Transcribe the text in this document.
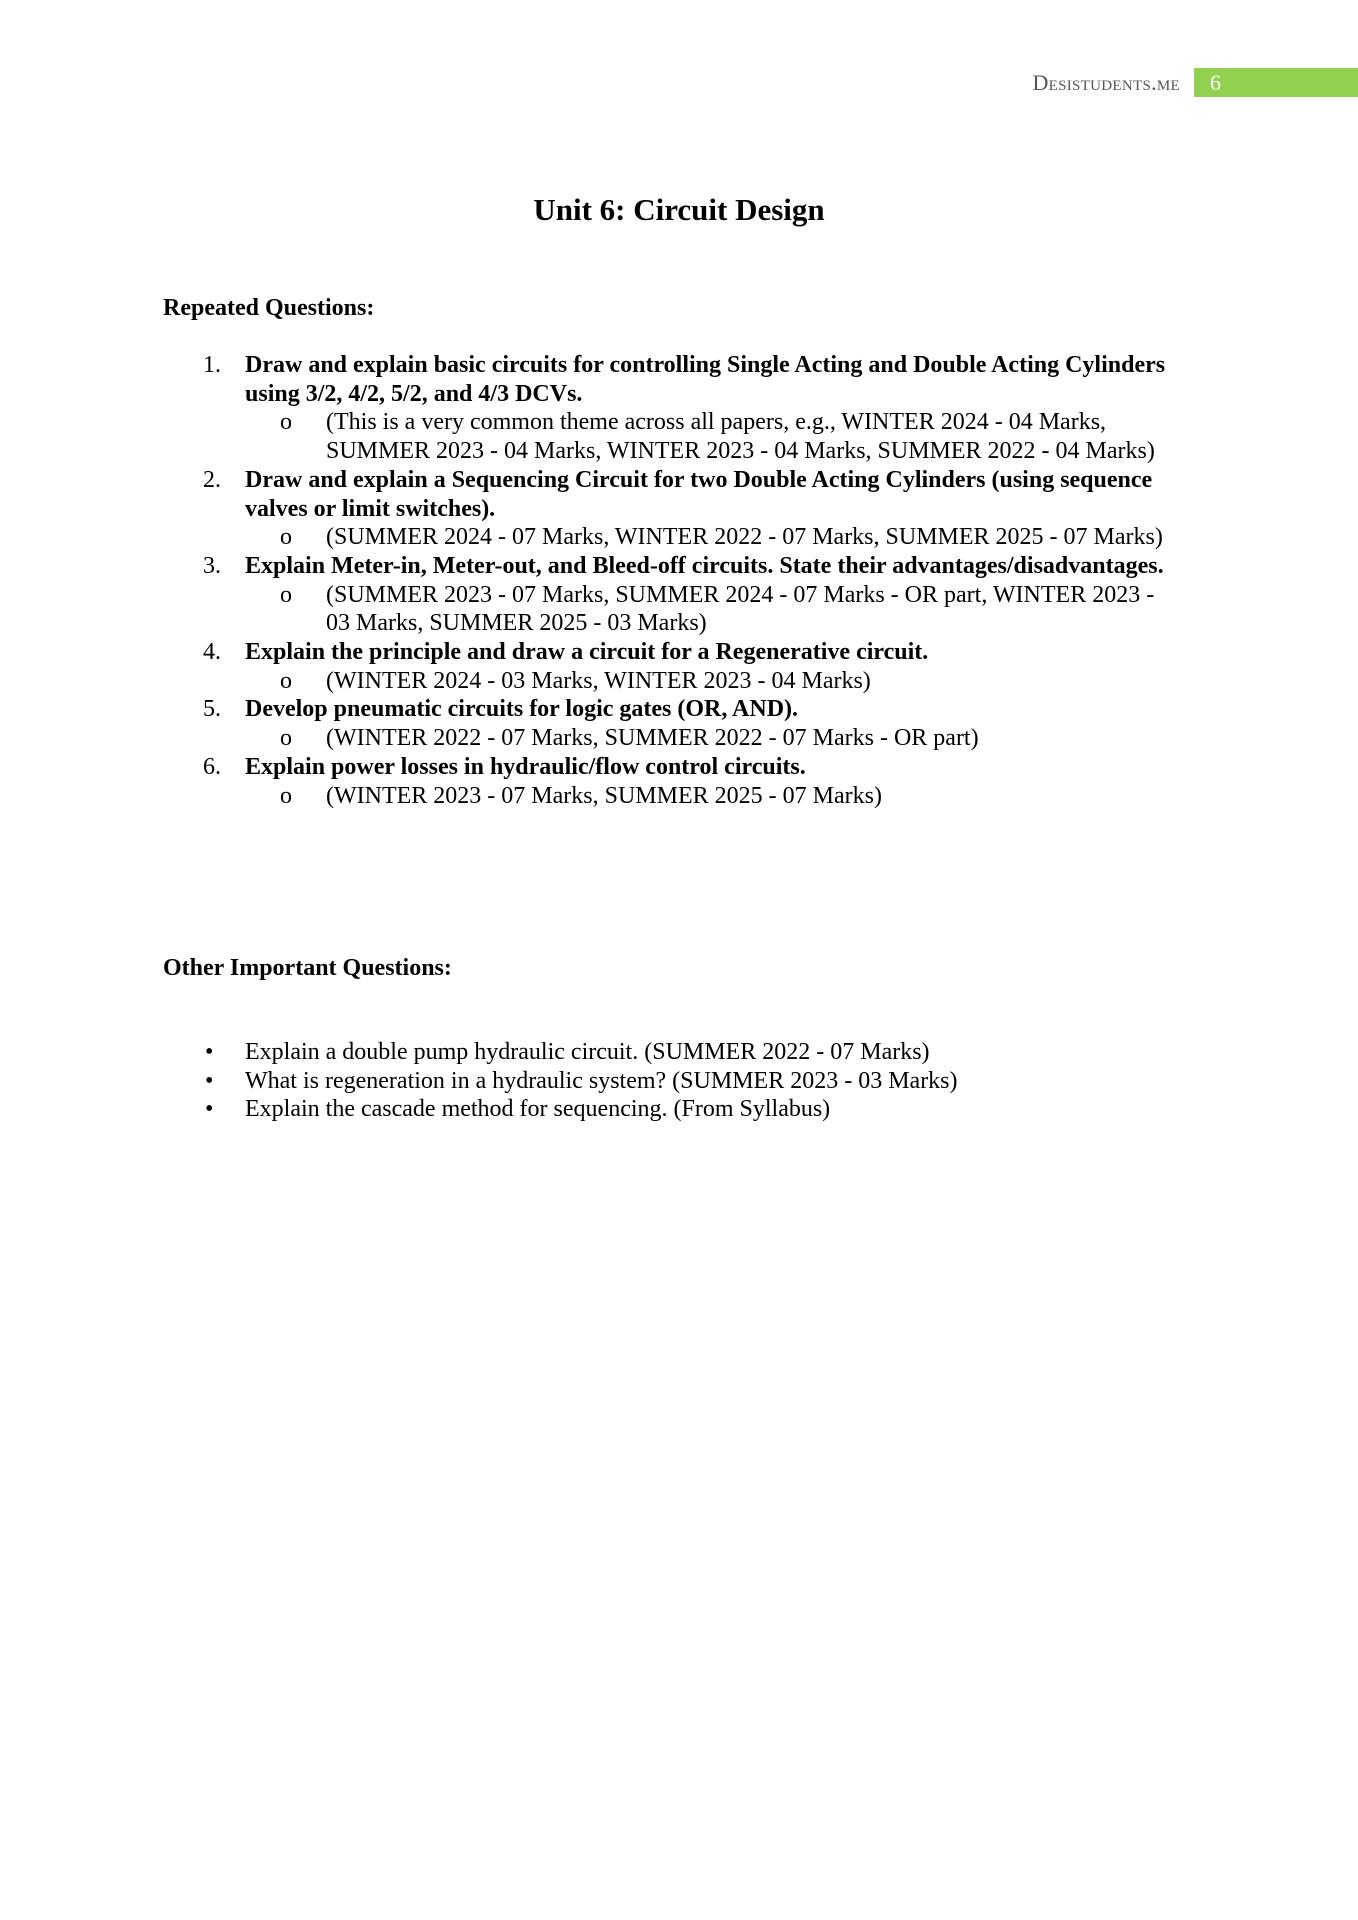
Desistudents.me	6
Unit 6: Circuit Design
Repeated Questions:
1. Draw and explain basic circuits for controlling Single Acting and Double Acting Cylinders using 3/2, 4/2, 5/2, and 4/3 DCVs.
o (This is a very common theme across all papers, e.g., WINTER 2024 - 04 Marks, SUMMER 2023 - 04 Marks, WINTER 2023 - 04 Marks, SUMMER 2022 - 04 Marks)
2. Draw and explain a Sequencing Circuit for two Double Acting Cylinders (using sequence valves or limit switches).
o (SUMMER 2024 - 07 Marks, WINTER 2022 - 07 Marks, SUMMER 2025 - 07 Marks)
3. Explain Meter-in, Meter-out, and Bleed-off circuits. State their advantages/disadvantages.
o (SUMMER 2023 - 07 Marks, SUMMER 2024 - 07 Marks - OR part, WINTER 2023 - 03 Marks, SUMMER 2025 - 03 Marks)
4. Explain the principle and draw a circuit for a Regenerative circuit.
o (WINTER 2024 - 03 Marks, WINTER 2023 - 04 Marks)
5. Develop pneumatic circuits for logic gates (OR, AND).
o (WINTER 2022 - 07 Marks, SUMMER 2022 - 07 Marks - OR part)
6. Explain power losses in hydraulic/flow control circuits.
o (WINTER 2023 - 07 Marks, SUMMER 2025 - 07 Marks)
Other Important Questions:
• Explain a double pump hydraulic circuit. (SUMMER 2022 - 07 Marks)
• What is regeneration in a hydraulic system? (SUMMER 2023 - 03 Marks)
• Explain the cascade method for sequencing. (From Syllabus)
